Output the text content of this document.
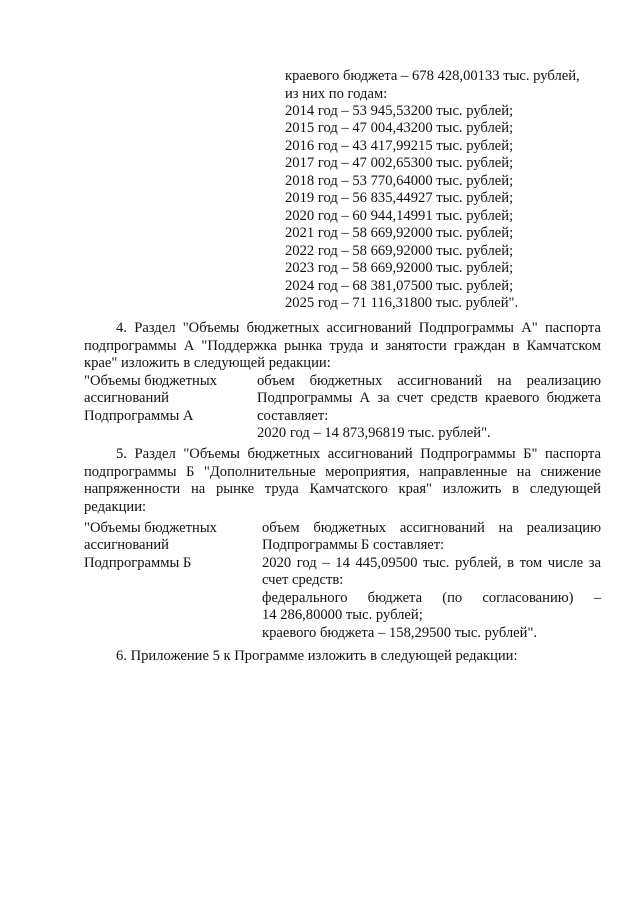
краевого бюджета – 678 428,00133 тыс. рублей,
из них по годам:
2014 год – 53 945,53200 тыс. рублей;
2015 год – 47 004,43200 тыс. рублей;
2016 год – 43 417,99215 тыс. рублей;
2017 год – 47 002,65300 тыс. рублей;
2018 год – 53 770,64000 тыс. рублей;
2019 год – 56 835,44927 тыс. рублей;
2020 год – 60 944,14991 тыс. рублей;
2021 год – 58 669,92000 тыс. рублей;
2022 год – 58 669,92000 тыс. рублей;
2023 год – 58 669,92000 тыс. рублей;
2024 год – 68 381,07500 тыс. рублей;
2025 год – 71 116,31800 тыс. рублей".
4. Раздел "Объемы бюджетных ассигнований Подпрограммы А" паспорта
подпрограммы А "Поддержка рынка труда и занятости граждан в Камчатском
крае" изложить в следующей редакции:
"Объемы бюджетных
ассигнований
Подпрограммы А
объем бюджетных ассигнований на реализацию
Подпрограммы А за счет средств краевого бюджета
составляет:
2020 год – 14 873,96819 тыс. рублей".
5. Раздел "Объемы бюджетных ассигнований Подпрограммы Б" паспорта
подпрограммы Б "Дополнительные мероприятия, направленные на снижение
напряженности на рынке труда Камчатского края" изложить в следующей
редакции:
"Объемы бюджетных
ассигнований
Подпрограммы Б
объем бюджетных ассигнований на реализацию
Подпрограммы Б составляет:
2020 год – 14 445,09500 тыс. рублей, в том числе за
счет средств:
федерального бюджета (по согласованию) –
14 286,80000 тыс. рублей;
краевого бюджета – 158,29500 тыс. рублей".
6. Приложение 5 к Программе изложить в следующей редакции:
